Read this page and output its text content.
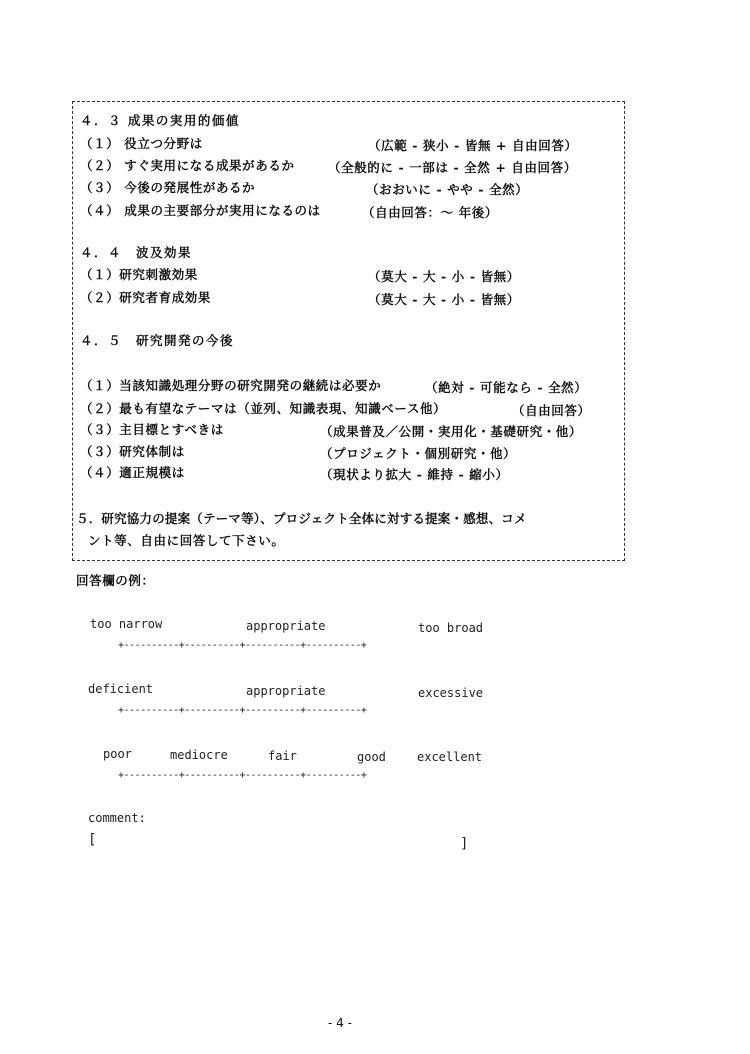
４．３ 成果の実用的価値
（１） 役立つ分野は	（広範 - 狭小 - 皆無 + 自由回答）
（２） すぐ実用になる成果があるか	（全般的に - 一部は - 全然 + 自由回答）
（３） 今後の発展性があるか	（おおいに - やや - 全然）
（４） 成果の主要部分が実用になるのは	（自由回答：～ 年後）
４．４　波及効果
（１）研究刺激効果	（莫大 - 大 - 小 - 皆無）
（２）研究者育成効果	（莫大 - 大 - 小 - 皆無）
４．５　研究開発の今後
（１）当該知識処理分野の研究開発の継続は必要か	（絶対 - 可能なら - 全然）
（２）最も有望なテーマは（並列、知識表現、知識ベース他）	（自由回答）
（３）主目標とすべきは	（成果普及／公開・実用化・基礎研究・他）
（３）研究体制は	（プロジェクト・個別研究・他）
（４）適正規模は	（現状より拡大 - 維持 - 縮小）
５．研究協力の提案（テーマ等）、プロジェクト全体に対する提案・感想、コメ
ント等、自由に回答して下さい。
回答欄の例：
too narrow	appropriate	too broad
+----------+----------+----------+----------+
deficient	appropriate	excessive
+----------+----------+----------+----------+
poor	mediocre	fair	good	excellent
+----------+----------+----------+----------+
comment:
[	]
- 4 -
